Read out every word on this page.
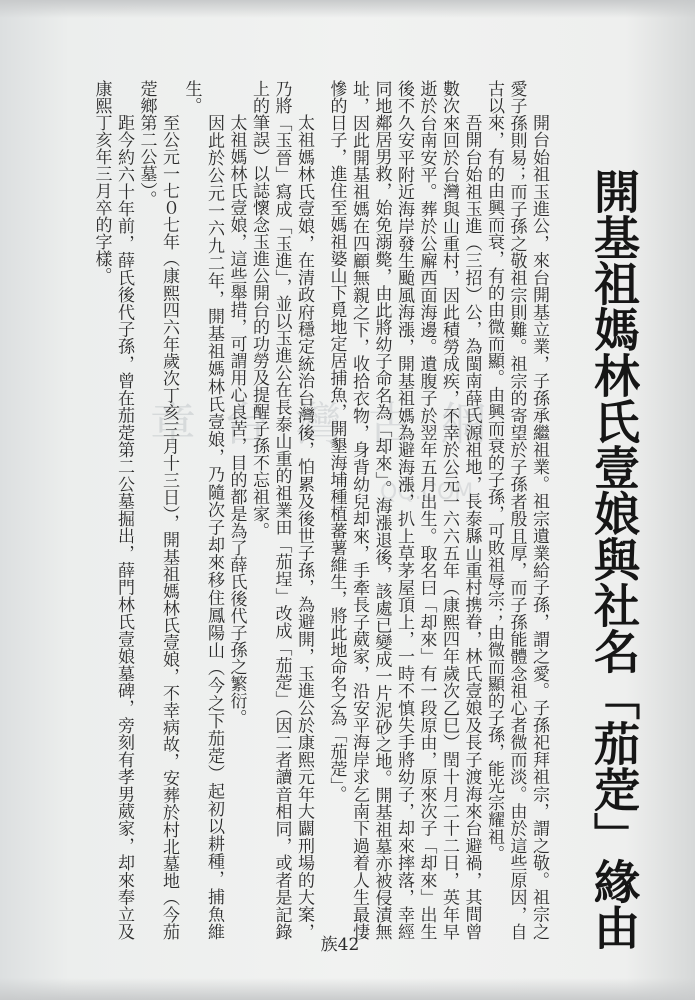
章 台 灣 古 網
QQ.COM 開基祖媽林氏壹娘與社名「茄萣」緣由

開台始祖玉進公，來台開基立業，子孫承繼祖業。祖宗遺業給子孫，謂之愛。子孫祀拜祖宗，謂之敬。祖宗之愛子孫則易；而子孫之敬祖宗則難。祖宗的寄望於子孫者殷且厚，而子孫能體念祖心者微而淡。由於這些原因，自古以來，有的由興而衰，有的由微而顯。由興而衰的子孫，可敗祖辱宗；由微而顯的子孫，能光宗耀祖。

吾開台始祖玉進（三招）公，為閩南薛氏源祖地，長泰縣山重村携眷，林氏壹娘及長子渡海來台避禍，其間曾數次來回於台灣與山重村，因此積勞成疾，不幸於公元一六六五年（康熙四年歲次乙巳）閏十月二十二日，英年早逝於台南安平。葬於公廨西面海邊。遺腹子於翌年五月出生。取名曰「却來」有一段原由，原來次子「却來」出生後不久安平附近海岸發生颱風海漲，開基祖媽為避海漲，扒上草茅屋頂上，一時不慎失手將幼子，却來摔落，幸經同地鄰居男救，始免溺斃，由此將幼子命名為「却來」。海漲退後，該處已變成一片泥砂之地。開基祖墓亦被侵漬無址，因此開基祖媽在四顧無親之下，收拾衣物，身背幼兒却來，手牽長子葳家，沿安平海岸求乞南下過着人生最悽慘的日子，進住至媽祖婆山下覓地定居捕魚，開墾海埔種植蕃薯維生，將此地命名之為「茄萣」。

太祖媽林氏壹娘，在清政府穩定統治台灣後，怕累及後世子孫，為避開，玉進公於康熙元年大闢刑場的大案，乃將「玉晉」寫成「玉進」，並以玉進公在長泰山重的祖業田「茄埕」改成「茄萣」（因二者讀音相同，或者是記錄上的筆誤）以誌懷念玉進公開台的功勞及提醒子孫不忘祖家。

太祖媽林氏壹娘，這些舉措，可謂用心良苦，目的都是為了薛氏後代子孫之繁衍。

因此於公元一六九二年，開基祖媽林氏壹娘，乃隨次子却來移住鳳陽山（今之下茄萣）起初以耕種，捕魚維生。

至公元一七０七年（康熙四六年歲次丁亥三月十三日），開基祖媽林氏壹娘，不幸病故，安葬於村北墓地（今茄萣鄉第二公墓）。

距今約六十年前，薛氏後代子孫，曾在茄萣第二公墓掘出，薛門林氏壹娘墓碑，旁刻有孝男葳家，却來奉立及康熙丁亥年三月卒的字樣。

族42
